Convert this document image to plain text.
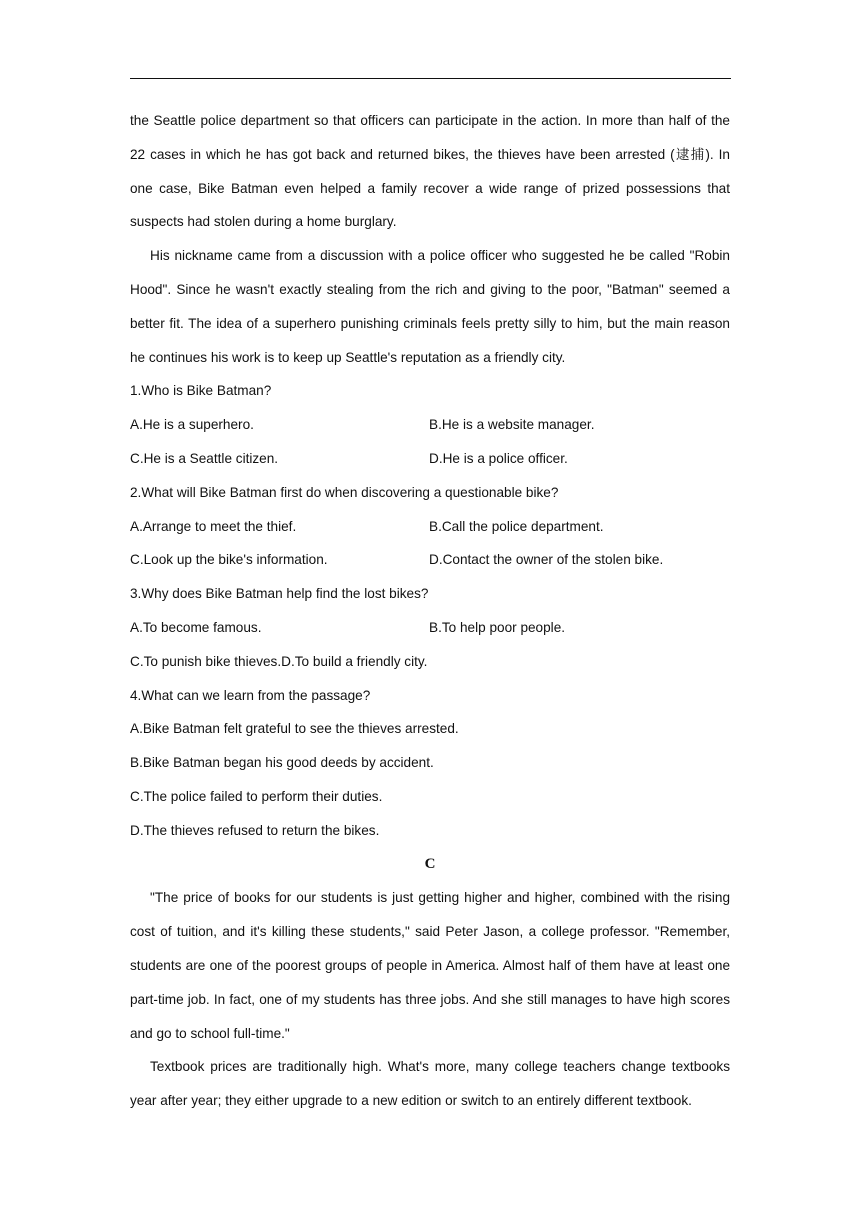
the Seattle police department so that officers can participate in the action. In more than half of the 22 cases in which he has got back and returned bikes, the thieves have been arrested (逮捕). In one case, Bike Batman even helped a family recover a wide range of prized possessions that suspects had stolen during a home burglary.

His nickname came from a discussion with a police officer who suggested he be called "Robin Hood". Since he wasn't exactly stealing from the rich and giving to the poor, "Batman" seemed a better fit. The idea of a superhero punishing criminals feels pretty silly to him, but the main reason he continues his work is to keep up Seattle's reputation as a friendly city.

1.Who is Bike Batman?

A.He is a superhero.	B.He is a website manager.
C.He is a Seattle citizen.	D.He is a police officer.

2.What will Bike Batman first do when discovering a questionable bike?

A.Arrange to meet the thief.	B.Call the police department.
C.Look up the bike's information.	D.Contact the owner of the stolen bike.

3.Why does Bike Batman help find the lost bikes?

A.To become famous.	B.To help poor people.

C.To punish bike thieves.D.To build a friendly city.

4.What can we learn from the passage?

A.Bike Batman felt grateful to see the thieves arrested.

B.Bike Batman began his good deeds by accident.

C.The police failed to perform their duties.

D.The thieves refused to return the bikes.

C

"The price of books for our students is just getting higher and higher, combined with the rising cost of tuition, and it's killing these students," said Peter Jason, a college professor. "Remember, students are one of the poorest groups of people in America. Almost half of them have at least one part-time job. In fact, one of my students has three jobs. And she still manages to have high scores and go to school full-time."

Textbook prices are traditionally high. What's more, many college teachers change textbooks year after year; they either upgrade to a new edition or switch to an entirely different textbook.
